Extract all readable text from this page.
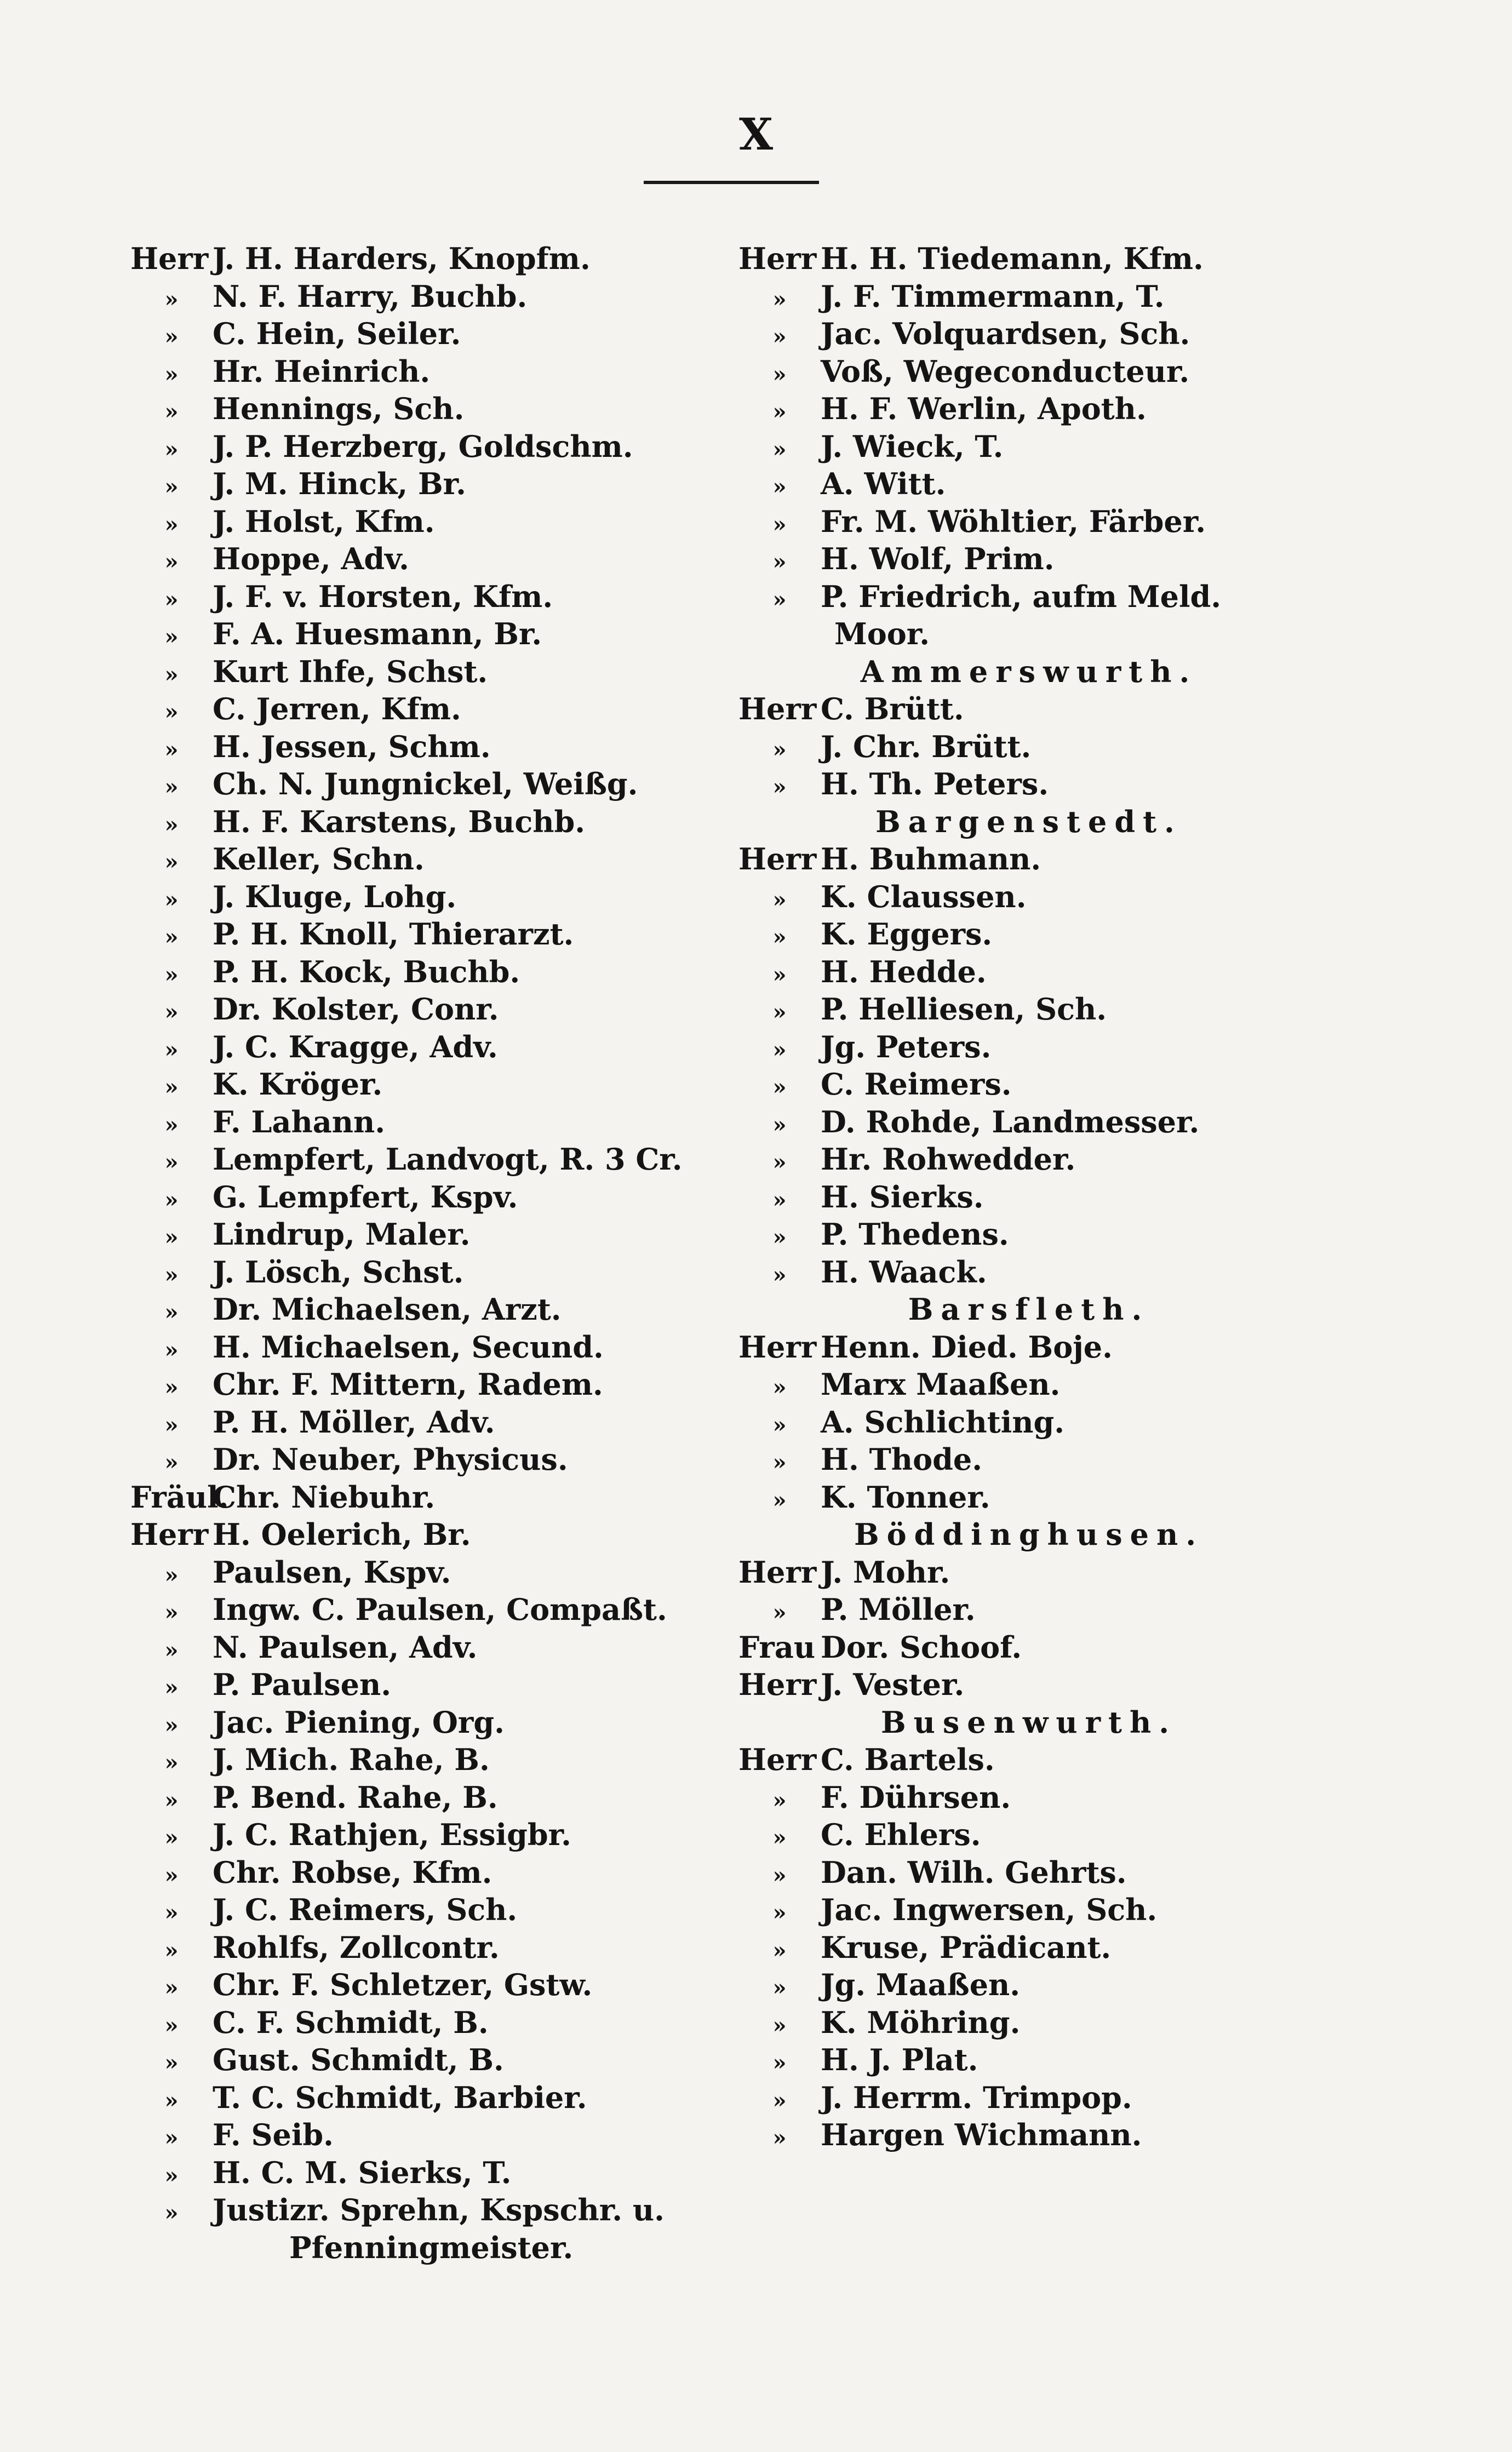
X
Herr J. H. Harders, Knopfm.
» N. F. Harry, Buchb.
» C. Hein, Seiler.
» Hr. Heinrich.
» Hennings, Sch.
» J. P. Herzberg, Goldschm.
» J. M. Hinck, Br.
» J. Holst, Kfm.
» Hoppe, Adv.
» J. F. v. Horsten, Kfm.
» F. A. Huesmann, Br.
» Kurt Ihfe, Schst.
» C. Jerren, Kfm.
» H. Jessen, Schm.
» Ch. N. Jungnickel, Weißg.
» H. F. Karstens, Buchb.
» Keller, Schn.
» J. Kluge, Lohg.
» P. H. Knoll, Thierarzt.
» P. H. Kock, Buchb.
» Dr. Kolster, Conr.
» J. C. Kragge, Adv.
» K. Kröger.
» F. Lahann.
» Lempfert, Landvogt, R. 3 Cr.
» G. Lempfert, Kspv.
» Lindrup, Maler.
» J. Lösch, Schst.
» Dr. Michaelsen, Arzt.
» H. Michaelsen, Secund.
» Chr. F. Mittern, Radem.
» P. H. Möller, Adv.
» Dr. Neuber, Physicus.
Fräul.Chr. Niebuhr.
Herr H. Oelerich, Br.
» Paulsen, Kspv.
» Ingw. C. Paulsen, Compaßt.
» N. Paulsen, Adv.
» P. Paulsen.
» Jac. Piening, Org.
» J. Mich. Rahe, B.
» P. Bend. Rahe, B.
» J. C. Rathjen, Essigbr.
» Chr. Robse, Kfm.
» J. C. Reimers, Sch.
» Rohlfs, Zollcontr.
» Chr. F. Schletzer, Gstw.
» C. F. Schmidt, B.
» Gust. Schmidt, B.
» T. C. Schmidt, Barbier.
» F. Seib.
» H. C. M. Sierks, T.
» Justizr. Sprehn, Kspschr. u.
Pfenningmeister.
Herr H. H. Tiedemann, Kfm.
» J. F. Timmermann, T.
» Jac. Volquardsen, Sch.
» Voß, Wegeconducteur.
» H. F. Werlin, Apoth.
» J. Wieck, T.
» A. Witt.
» Fr. M. Wöhltier, Färber.
» H. Wolf, Prim.
» P. Friedrich, aufm Meld.
Moor.
Ammerswurth.
Herr C. Brütt.
» J. Chr. Brütt.
» H. Th. Peters.
Bargenstedt.
Herr H. Buhmann.
» K. Claussen.
» K. Eggers.
» H. Hedde.
» P. Helliesen, Sch.
» Jg. Peters.
» C. Reimers.
» D. Rohde, Landmesser.
» Hr. Rohwedder.
» H. Sierks.
» P. Thedens.
» H. Waack.
Barsfleth.
Herr Henn. Died. Boje.
» Marx Maaßen.
» A. Schlichting.
» H. Thode.
» K. Tonner.
Böddinghusen.
Herr J. Mohr.
» P. Möller.
Frau Dor. Schoof.
Herr J. Vester.
Busenwurth.
Herr C. Bartels.
» F. Dührsen.
» C. Ehlers.
» Dan. Wilh. Gehrts.
» Jac. Ingwersen, Sch.
» Kruse, Prädicant.
» Jg. Maaßen.
» K. Möhring.
» H. J. Plat.
» J. Herrm. Trimpop.
» Hargen Wichmann.
